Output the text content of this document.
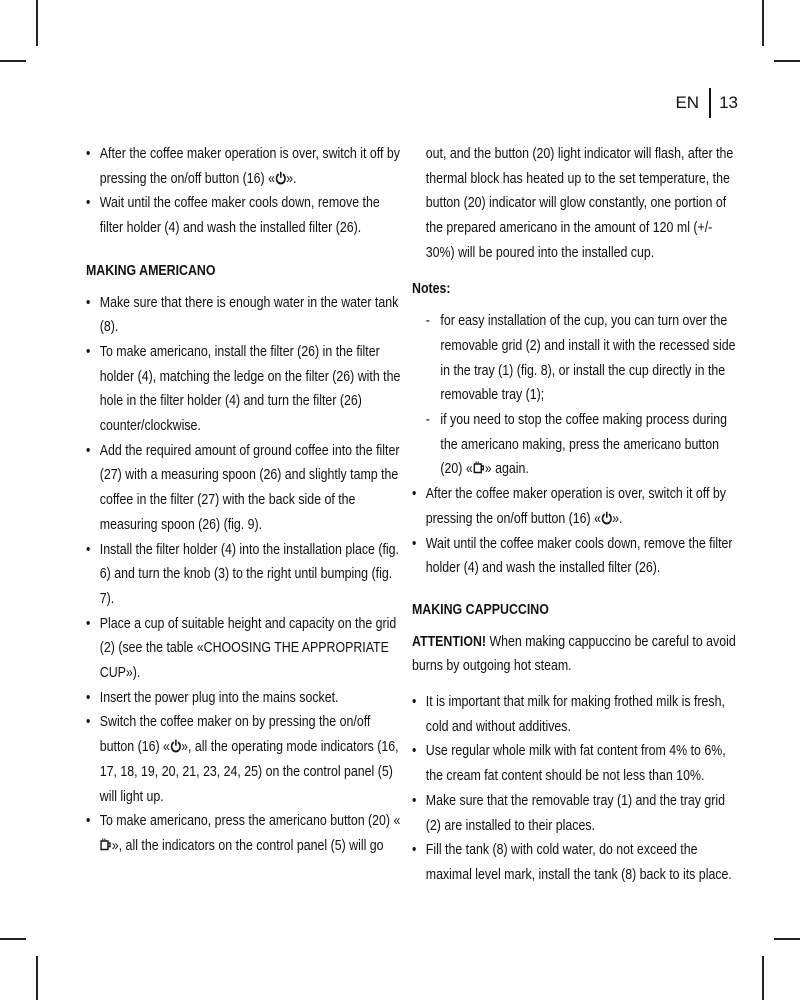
EN 13
• After the coffee maker operation is over, switch it off by pressing the on/off button (16) « ».
• Wait until the coffee maker cools down, remove the filter holder (4) and wash the installed filter (26).
MAKING AMERICANO
• Make sure that there is enough water in the water tank (8).
• To make americano, install the filter (26) in the filter holder (4), matching the ledge on the filter (26) with the hole in the filter holder (4) and turn the filter (26) counter/clockwise.
• Add the required amount of ground coffee into the filter (27) with a measuring spoon (26) and slightly tamp the coffee in the filter (27) with the back side of the measuring spoon (26) (fig. 9).
• Install the filter holder (4) into the installation place (fig. 6) and turn the knob (3) to the right until bumping (fig. 7).
• Place a cup of suitable height and capacity on the grid (2) (see the table «CHOOSING THE APPROPRIATE CUP»).
• Insert the power plug into the mains socket.
• Switch the coffee maker on by pressing the on/off button (16) « », all the operating mode indicators (16, 17, 18, 19, 20, 21, 23, 24, 25) on the control panel (5) will light up.
• To make americano, press the americano button (20) «», all the indicators on the control panel (5) will go

out, and the button (20) light indicator will flash, after the thermal block has heated up to the set temperature, the button (20) indicator will glow constantly, one portion of the prepared americano in the amount of 120 ml (+/- 30%) will be poured into the installed cup.

Notes:
- for easy installation of the cup, you can turn over the removable grid (2) and install it with the recessed side in the tray (1) (fig. 8), or install the cup directly in the removable tray (1);
- if you need to stop the coffee making process during the americano making, press the americano button (20) « » again.
• After the coffee maker operation is over, switch it off by pressing the on/off button (16) « ».
• Wait until the coffee maker cools down, remove the filter holder (4) and wash the installed filter (26).
MAKING CAPPUCCINO

ATTENTION! When making cappuccino be careful to avoid burns by outgoing hot steam.

• It is important that milk for making frothed milk is fresh, cold and without additives.
• Use regular whole milk with fat content from 4% to 6%, the cream fat content should be not less than 10%.
• Make sure that the removable tray (1) and the tray grid (2) are installed to their places.
• Fill the tank (8) with cold water, do not exceed the maximal level mark, install the tank (8) back to its place.
